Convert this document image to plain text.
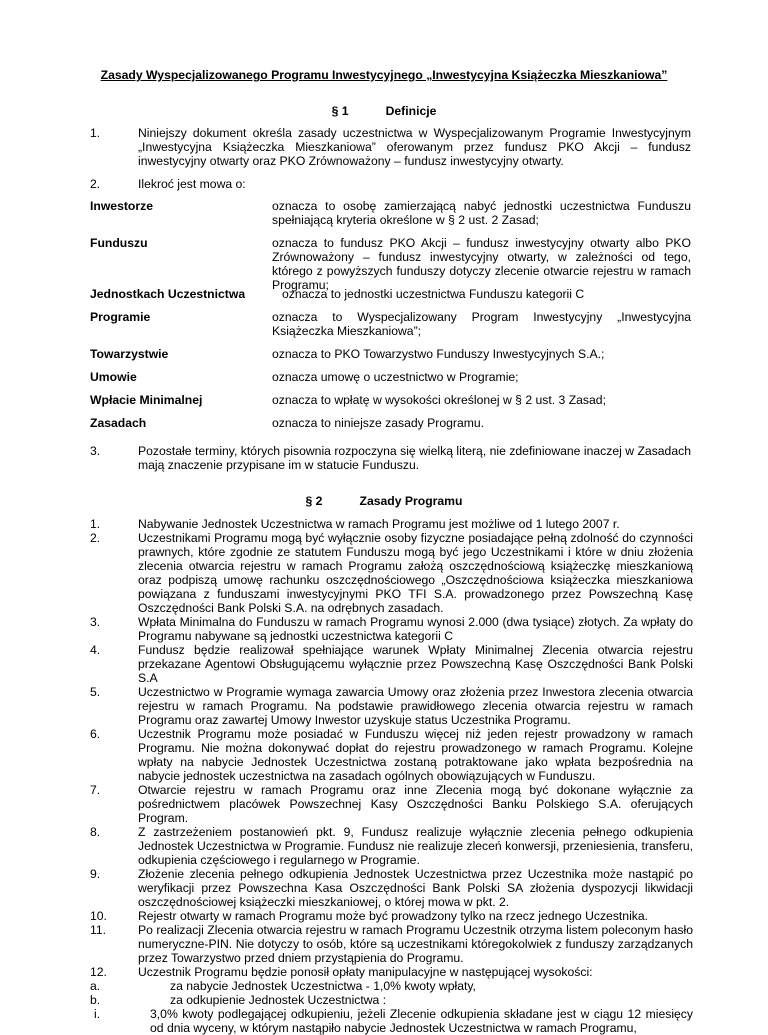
Zasady Wyspecjalizowanego Programu Inwestycyjnego „Inwestycyjna Książeczka Mieszkaniowa”
§ 1	Definicje
1.	Niniejszy dokument określa zasady uczestnictwa w Wyspecjalizowanym Programie Inwestycyjnym „Inwestycyjna Książeczka Mieszkaniowa” oferowanym przez fundusz PKO Akcji – fundusz inwestycyjny otwarty oraz PKO Zrównoważony – fundusz inwestycyjny otwarty.
2.	Ilekroć jest mowa o:
Inwestorze	oznacza to osobę zamierzającą nabyć jednostki uczestnictwa Funduszu spełniającą kryteria określone w § 2 ust. 2 Zasad;
Funduszu	oznacza to fundusz PKO Akcji – fundusz inwestycyjny otwarty albo PKO Zrównoważony – fundusz inwestycyjny otwarty, w zależności od tego, którego z powyższych funduszy dotyczy zlecenie otwarcie rejestru w ramach Programu;
Jednostkach Uczestnictwa	oznacza to jednostki uczestnictwa Funduszu kategorii C
Programie	oznacza to Wyspecjalizowany Program Inwestycyjny „Inwestycyjna Książeczka Mieszkaniowa”;
Towarzystwie	oznacza to PKO Towarzystwo Funduszy Inwestycyjnych S.A.;
Umowie	oznacza umowę o uczestnictwo w Programie;
Wpłacie Minimalnej	oznacza to wpłatę w wysokości określonej w § 2 ust. 3 Zasad;
Zasadach	oznacza to niniejsze zasady Programu.
3.	Pozostałe terminy, których pisownia rozpoczyna się wielką literą, nie zdefiniowane inaczej w Zasadach mają znaczenie przypisane im w statucie Funduszu.
§ 2	Zasady Programu
1.	Nabywanie Jednostek Uczestnictwa w ramach Programu jest możliwe od 1 lutego 2007 r.
2.	Uczestnikami Programu mogą być wyłącznie osoby fizyczne posiadające pełną zdolność do czynności prawnych, które zgodnie ze statutem Funduszu mogą być jego Uczestnikami i które w dniu złożenia zlecenia otwarcia rejestru w ramach Programu założą oszczędnościową książeczkę mieszkaniową oraz podpiszą umowę rachunku oszczędnościowego „Oszczędnościowa książeczka mieszkaniowa powiązana z funduszami inwestycyjnymi PKO TFI S.A. prowadzonego przez Powszechną Kasę Oszczędności Bank Polski S.A. na odrębnych zasadach.
3.	Wpłata Minimalna do Funduszu w ramach Programu wynosi 2.000 (dwa tysiące) złotych. Za wpłaty do Programu nabywane są jednostki uczestnictwa kategorii C
4.	Fundusz będzie realizował spełniające warunek Wpłaty Minimalnej Zlecenia otwarcia rejestru przekazane Agentowi Obsługującemu wyłącznie przez Powszechną Kasę Oszczędności Bank Polski S.A
5.	Uczestnictwo w Programie wymaga zawarcia Umowy oraz złożenia przez Inwestora zlecenia otwarcia rejestru w ramach Programu. Na podstawie prawidłowego zlecenia otwarcia rejestru w ramach Programu oraz zawartej Umowy Inwestor uzyskuje status Uczestnika Programu.
6.	Uczestnik Programu może posiadać w Funduszu więcej niż jeden rejestr prowadzony w ramach Programu. Nie można dokonywać dopłat do rejestru prowadzonego w ramach Programu. Kolejne wpłaty na nabycie Jednostek Uczestnictwa zostaną potraktowane jako wpłata bezpośrednia na nabycie jednostek uczestnictwa na zasadach ogólnych obowiązujących w Funduszu.
7.	Otwarcie rejestru w ramach Programu oraz inne Zlecenia mogą być dokonane wyłącznie za pośrednictwem placówek Powszechnej Kasy Oszczędności Banku Polskiego S.A. oferujących Program.
8.	Z zastrzeżeniem postanowień pkt. 9, Fundusz realizuje wyłącznie zlecenia pełnego odkupienia Jednostek Uczestnictwa w Programie. Fundusz nie realizuje zleceń konwersji, przeniesienia, transferu, odkupienia częściowego i regularnego w Programie.
9.	Złożenie zlecenia pełnego odkupienia Jednostek Uczestnictwa przez Uczestnika może nastąpić po weryfikacji przez Powszechna Kasa Oszczędności Bank Polski SA złożenia dyspozycji likwidacji oszczędnościowej książeczki mieszkaniowej, o której mowa w pkt. 2.
10.	Rejestr otwarty w ramach Programu może być prowadzony tylko na rzecz jednego Uczestnika.
11.	Po realizacji Zlecenia otwarcia rejestru w ramach Programu Uczestnik otrzyma listem poleconym hasło numeryczne-PIN. Nie dotyczy to osób, które są uczestnikami któregokolwiek z funduszy zarządzanych przez Towarzystwo przed dniem przystąpienia do Programu.
12.	Uczestnik Programu będzie ponosił opłaty manipulacyjne w następującej wysokości:
a.	za nabycie Jednostek Uczestnictwa - 1,0% kwoty wpłaty,
b.	za odkupienie Jednostek Uczestnictwa :
i.	3,0% kwoty podlegającej odkupieniu, jeżeli Zlecenie odkupienia składane jest w ciągu 12 miesięcy od dnia wyceny, w którym nastąpiło nabycie Jednostek Uczestnictwa w ramach Programu,
